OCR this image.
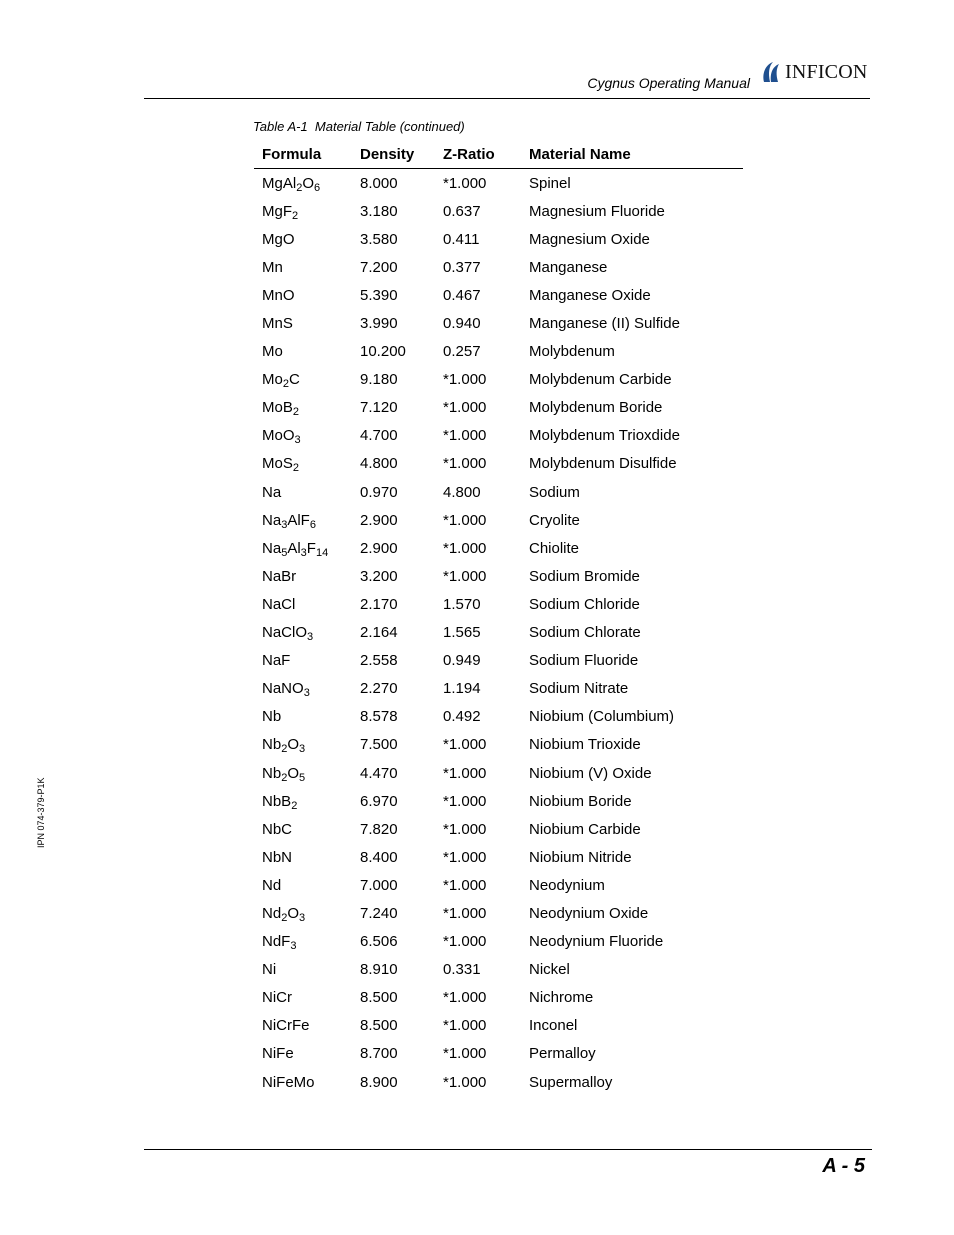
Cygnus Operating Manual
INFICON
Table A-1  Material Table (continued)
Formula	Density	Z-Ratio	Material Name
$MgAl_2O_6$	8.000	*1.000	Spinel
MgF$_2$	3.180	0.637	Magnesium Fluoride
MgO	3.580	0.411	Magnesium Oxide
Mn	7.200	0.377	Manganese
MnO	5.390	0.467	Manganese Oxide
MnS	3.990	0.940	Manganese (II) Sulfide
Mo	10.200	0.257	Molybdenum
$Mo_2C$	9.180	*1.000	Molybdenum Carbide
MoB$_2$	7.120	*1.000	Molybdenum Boride
MoO$_3$	4.700	*1.000	Molybdenum Trioxdide
MoS$_2$	4.800	*1.000	Molybdenum Disulfide
Na	0.970	4.800	Sodium
$Na_3AlF_6$	2.900	*1.000	Cryolite
$Na_5Al_3F_{14}$	2.900	*1.000	Chiolite
NaBr	3.200	*1.000	Sodium Bromide
NaCl	2.170	1.570	Sodium Chloride
NaClO$_3$	2.164	1.565	Sodium Chlorate
NaF	2.558	0.949	Sodium Fluoride
NaNO$_3$	2.270	1.194	Sodium Nitrate
Nb	8.578	0.492	Niobium (Columbium)
$Nb_2O_3$	7.500	*1.000	Niobium Trioxide
$Nb_2O_5$	4.470	*1.000	Niobium (V) Oxide
NbB$_2$	6.970	*1.000	Niobium Boride
NbC	7.820	*1.000	Niobium Carbide
NbN	8.400	*1.000	Niobium Nitride
Nd	7.000	*1.000	Neodynium
$Nd_2O_3$	7.240	*1.000	Neodynium Oxide
NdF$_3$	6.506	*1.000	Neodynium Fluoride
Ni	8.910	0.331	Nickel
NiCr	8.500	*1.000	Nichrome
NiCrFe	8.500	*1.000	Inconel
NiFe	8.700	*1.000	Permalloy
NiFeMo	8.900	*1.000	Supermalloy
IPN 074-379-P1K
A - 5
